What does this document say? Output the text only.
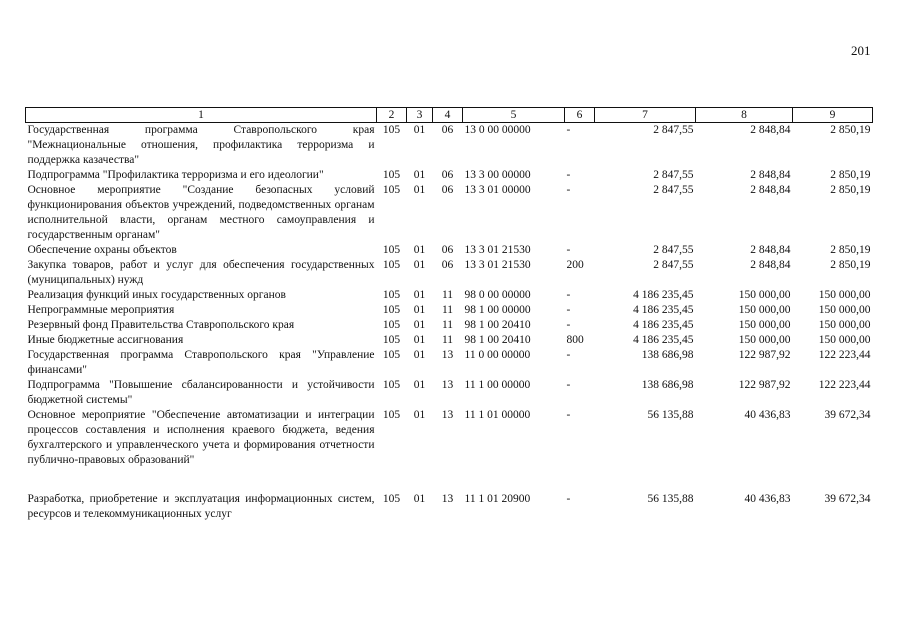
201
1	2	3	4	5	6	7	8	9
Государственная программа Ставропольского края "Межнациональные отношения, профилактика терроризма и поддержка казачества"	105	01	06	13 0 00 00000	-	2 847,55	2 848,84	2 850,19
Подпрограмма "Профилактика терроризма и его идеологии"	105	01	06	13 3 00 00000	-	2 847,55	2 848,84	2 850,19
Основное мероприятие "Создание безопасных условий функционирования объектов учреждений, подведомственных органам исполнительной власти, органам местного самоуправления и государственным органам"	105	01	06	13 3 01 00000	-	2 847,55	2 848,84	2 850,19
Обеспечение охраны объектов	105	01	06	13 3 01 21530	-	2 847,55	2 848,84	2 850,19
Закупка товаров, работ и услуг для обеспечения государственных (муниципальных) нужд	105	01	06	13 3 01 21530	200	2 847,55	2 848,84	2 850,19
Реализация функций иных государственных органов	105	01	11	98 0 00 00000	-	4 186 235,45	150 000,00	150 000,00
Непрограммные мероприятия	105	01	11	98 1 00 00000	-	4 186 235,45	150 000,00	150 000,00
Резервный фонд Правительства Ставропольского края	105	01	11	98 1 00 20410	-	4 186 235,45	150 000,00	150 000,00
Иные бюджетные ассигнования	105	01	11	98 1 00 20410	800	4 186 235,45	150 000,00	150 000,00
Государственная программа Ставропольского края "Управление финансами"	105	01	13	11 0 00 00000	-	138 686,98	122 987,92	122 223,44
Подпрограмма "Повышение сбалансированности и устойчивости бюджетной системы"	105	01	13	11 1 00 00000	-	138 686,98	122 987,92	122 223,44
Основное мероприятие "Обеспечение автоматизации и интеграции процессов составления и исполнения краевого бюджета, ведения бухгалтерского и управленческого учета и формирования отчетности публично-правовых образований"	105	01	13	11 1 01 00000	-	56 135,88	40 436,83	39 672,34

Разработка, приобретение и эксплуатация информационных систем, ресурсов и телекоммуникационных услуг	105	01	13	11 1 01 20900	-	56 135,88	40 436,83	39 672,34
